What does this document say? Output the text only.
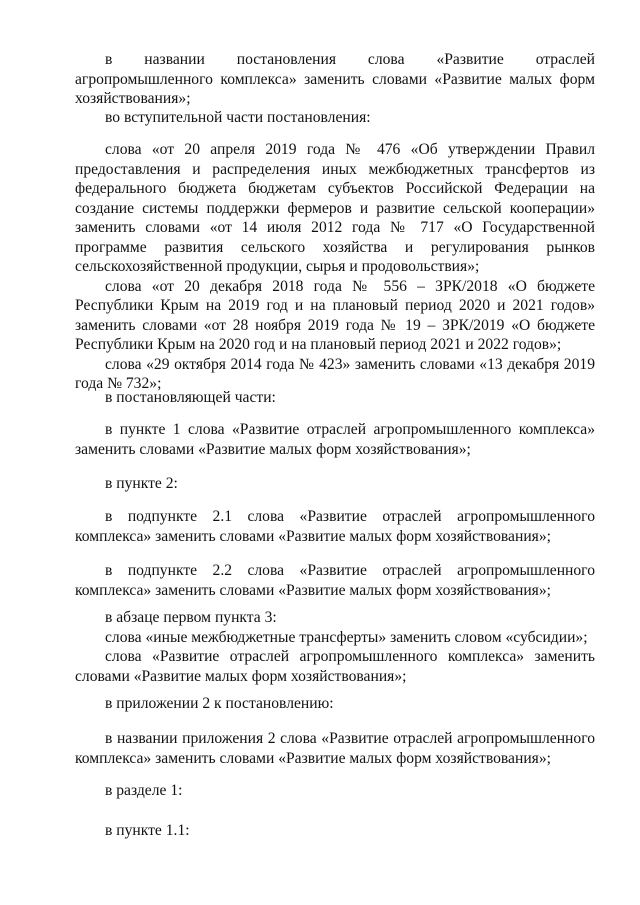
в названии постановления слова «Развитие отраслей агропромышленного комплекса» заменить словами «Развитие малых форм хозяйствования»;

во вступительной части постановления:

слова «от 20 апреля 2019 года № 476 «Об утверждении Правил предоставления и распределения иных межбюджетных трансфертов из федерального бюджета бюджетам субъектов Российской Федерации на создание системы поддержки фермеров и развитие сельской кооперации» заменить словами «от 14 июля 2012 года № 717 «О Государственной программе развития сельского хозяйства и регулирования рынков сельскохозяйственной продукции, сырья и продовольствия»;

слова «от 20 декабря 2018 года № 556 – ЗРК/2018 «О бюджете Республики Крым на 2019 год и на плановый период 2020 и 2021 годов» заменить словами «от 28 ноября 2019 года № 19 – ЗРК/2019 «О бюджете Республики Крым на 2020 год и на плановый период 2021 и 2022 годов»;

слова «29 октября 2014 года № 423» заменить словами «13 декабря 2019 года № 732»;

в постановляющей части:

в пункте 1 слова «Развитие отраслей агропромышленного комплекса» заменить словами «Развитие малых форм хозяйствования»;

в пункте 2:

в подпункте 2.1 слова «Развитие отраслей агропромышленного комплекса» заменить словами «Развитие малых форм хозяйствования»;

в подпункте 2.2 слова «Развитие отраслей агропромышленного комплекса» заменить словами «Развитие малых форм хозяйствования»;

в абзаце первом пункта 3:

слова «иные межбюджетные трансферты» заменить словом «субсидии»;

слова «Развитие отраслей агропромышленного комплекса» заменить словами «Развитие малых форм хозяйствования»;

в приложении 2 к постановлению:

в названии приложения 2 слова «Развитие отраслей агропромышленного комплекса» заменить словами «Развитие малых форм хозяйствования»;

в разделе 1:

в пункте 1.1:
